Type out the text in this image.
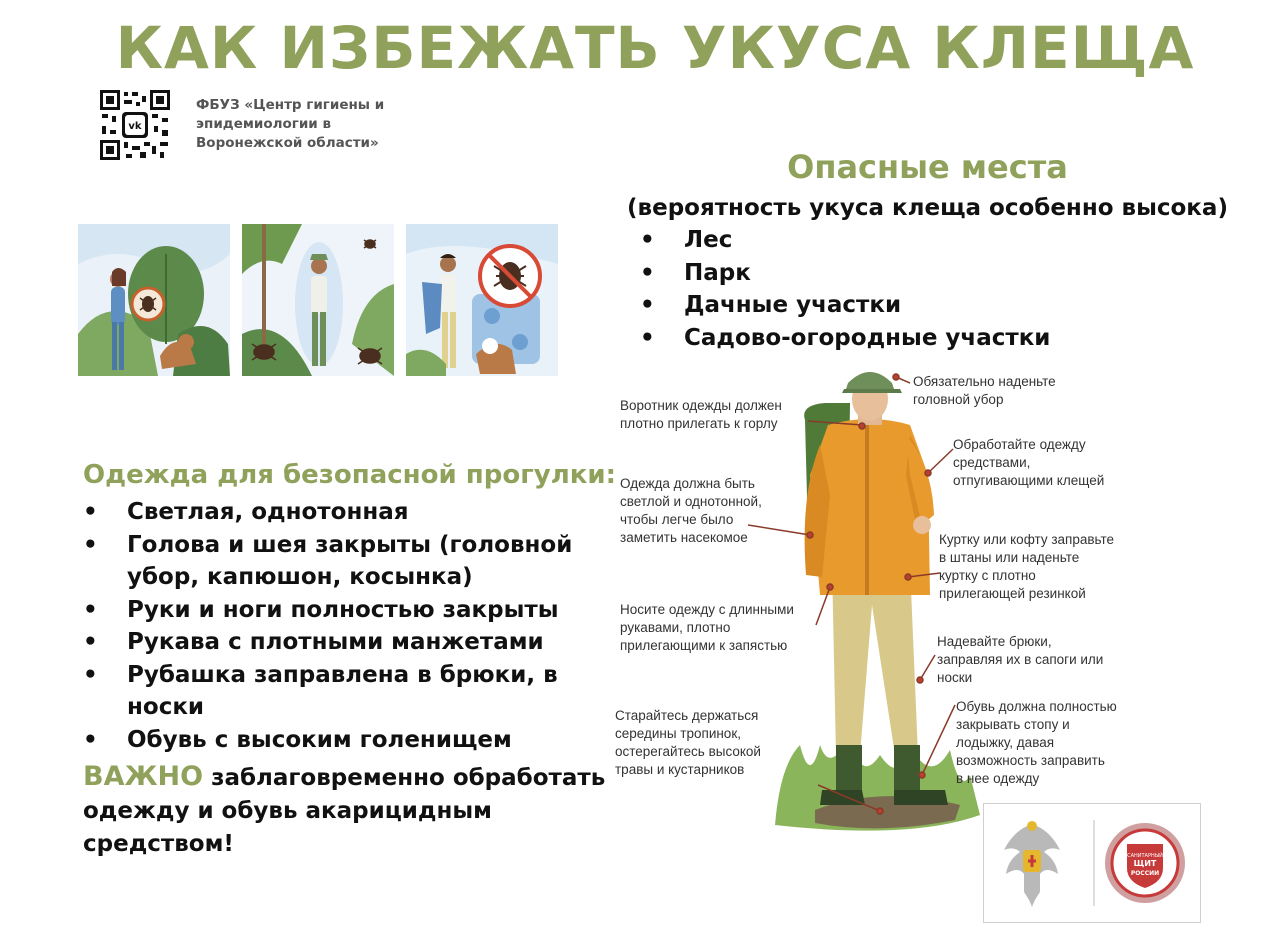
КАК ИЗБЕЖАТЬ УКУСА КЛЕЩА
vk
ФБУЗ «Центр гигиены и
эпидемиологии в
Воронежской области»
Опасные места
(вероятность укуса клеща особенно высока)
• Лес
• Парк
• Дачные участки
• Садово-огородные участки
Одежда для безопасной прогулки:
• Светлая, однотонная
• Голова и шея закрыты (головной убор, капюшон, косынка)
• Руки и ноги полностью закрыты
• Рукава с плотными манжетами
• Рубашка заправлена в брюки, в носки
• Обувь с высоким голенищем
ВАЖНО заблаговременно обработать
одежду и обувь акарицидным средством!
Обязательно наденьте
головной убор
Воротник одежды должен
плотно прилегать к горлу
Обработайте одежду
средствами,
отпугивающими клещей
Одежда должна быть
светлой и однотонной,
чтобы легче было
заметить насекомое	Куртку или кофту заправьте
в штаны или наденьте
куртку с плотно
прилегающей резинкой
Носите одежду с длинными
рукавами, плотно
прилегающими к запястью	Надевайте брюки,
заправляя их в сапоги или
носки
Обувь должна полностью
закрывать стопу и
лодыжку, давая
возможность заправить
в нее одежду
Старайтесь держаться
середины тропинок,
остерегайтесь высокой
травы и кустарников
САНИТАРНЫЙ
ЩИТ
РОССИИ
